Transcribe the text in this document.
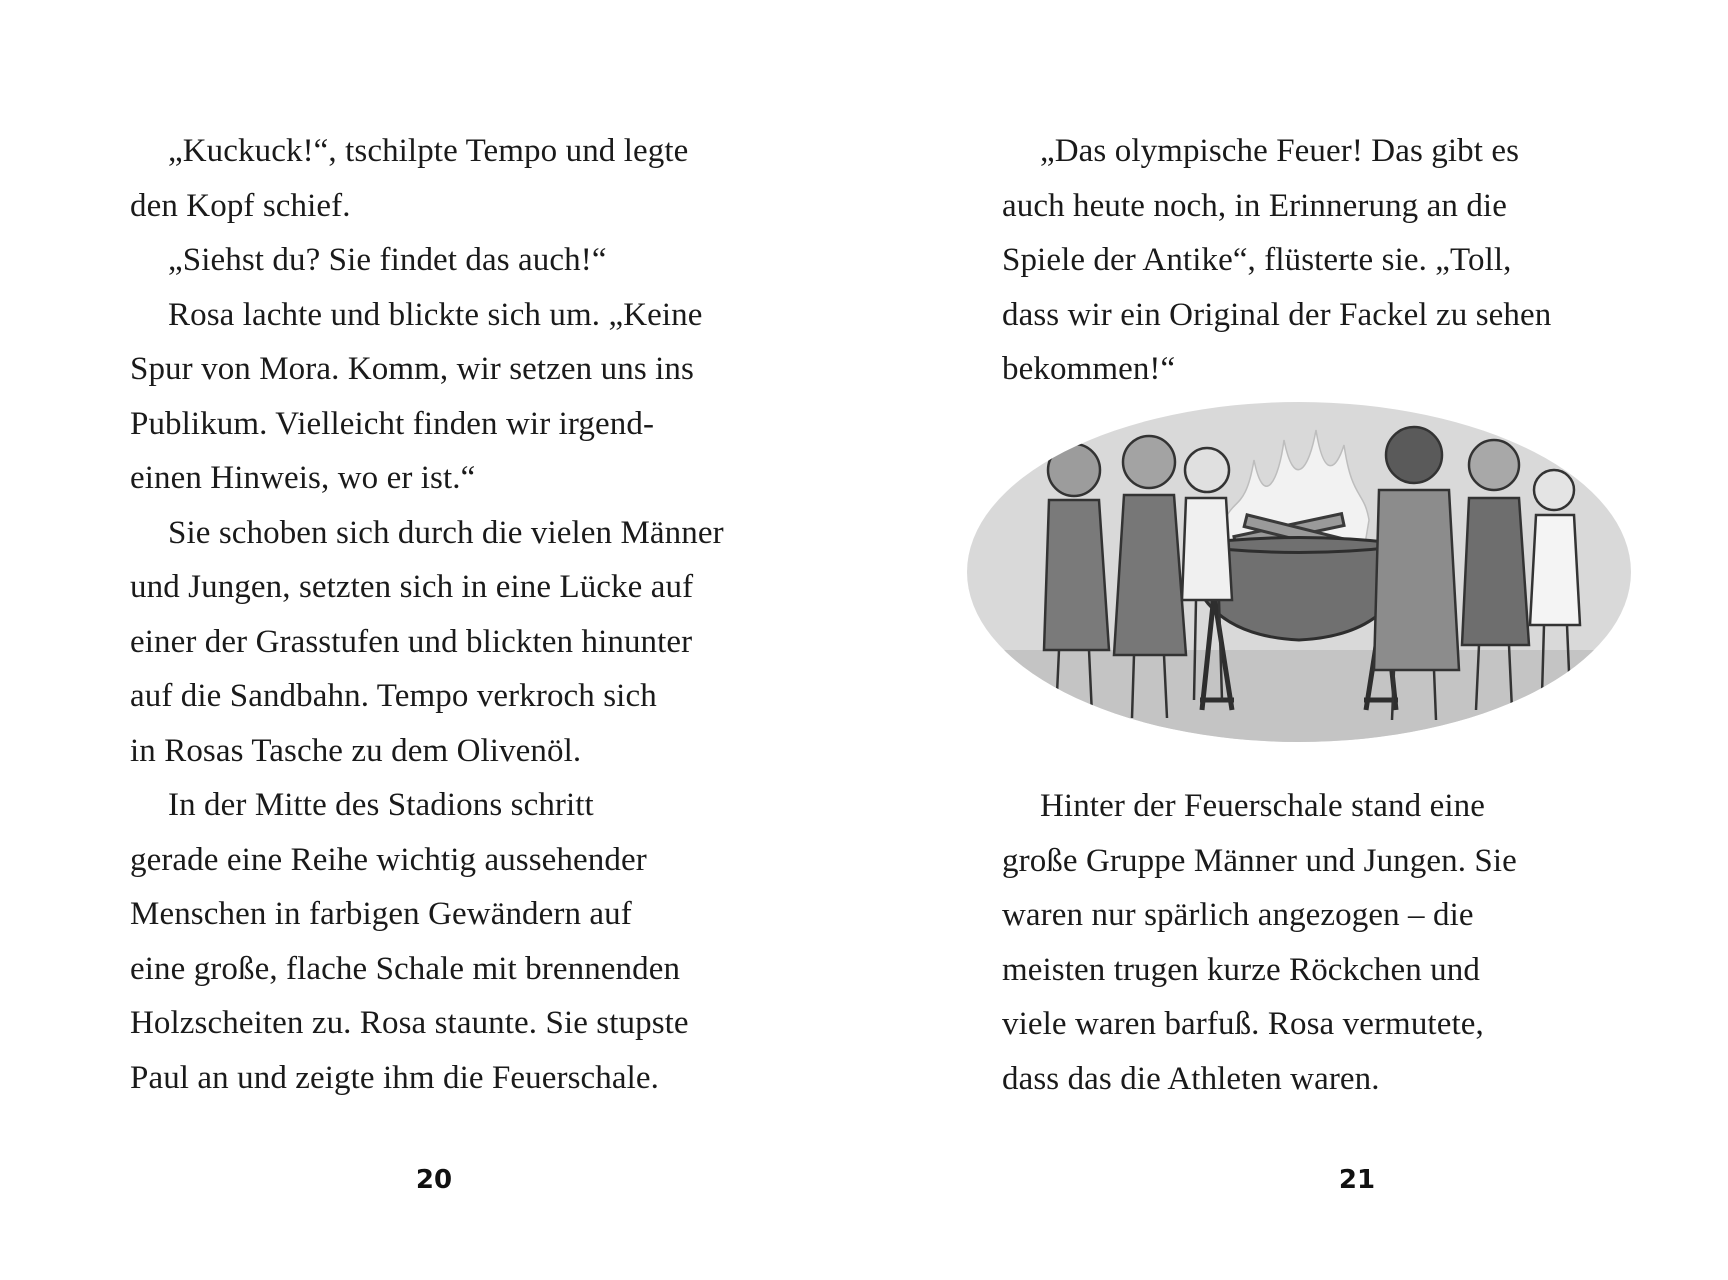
„Kuckuck!“, tschilpte Tempo und legte
den Kopf schief.
„Siehst du? Sie findet das auch!“
Rosa lachte und blickte sich um. „Keine
Spur von Mora. Komm, wir setzen uns ins
Publikum. Vielleicht finden wir irgend-
einen Hinweis, wo er ist.“
Sie schoben sich durch die vielen Männer
und Jungen, setzten sich in eine Lücke auf
einer der Grasstufen und blickten hinunter
auf die Sandbahn. Tempo verkroch sich
in Rosas Tasche zu dem Olivenöl.
In der Mitte des Stadions schritt
gerade eine Reihe wichtig aussehender
Menschen in farbigen Gewändern auf
eine große, flache Schale mit brennenden
Holzscheiten zu. Rosa staunte. Sie stupste
Paul an und zeigte ihm die Feuerschale.
20
„Das olympische Feuer! Das gibt es
auch heute noch, in Erinnerung an die
Spiele der Antike“, flüsterte sie. „Toll,
dass wir ein Original der Fackel zu sehen
bekommen!“
Hinter der Feuerschale stand eine
große Gruppe Männer und Jungen. Sie
waren nur spärlich angezogen – die
meisten trugen kurze Röckchen und
viele waren barfuß. Rosa vermutete,
dass das die Athleten waren.
21
